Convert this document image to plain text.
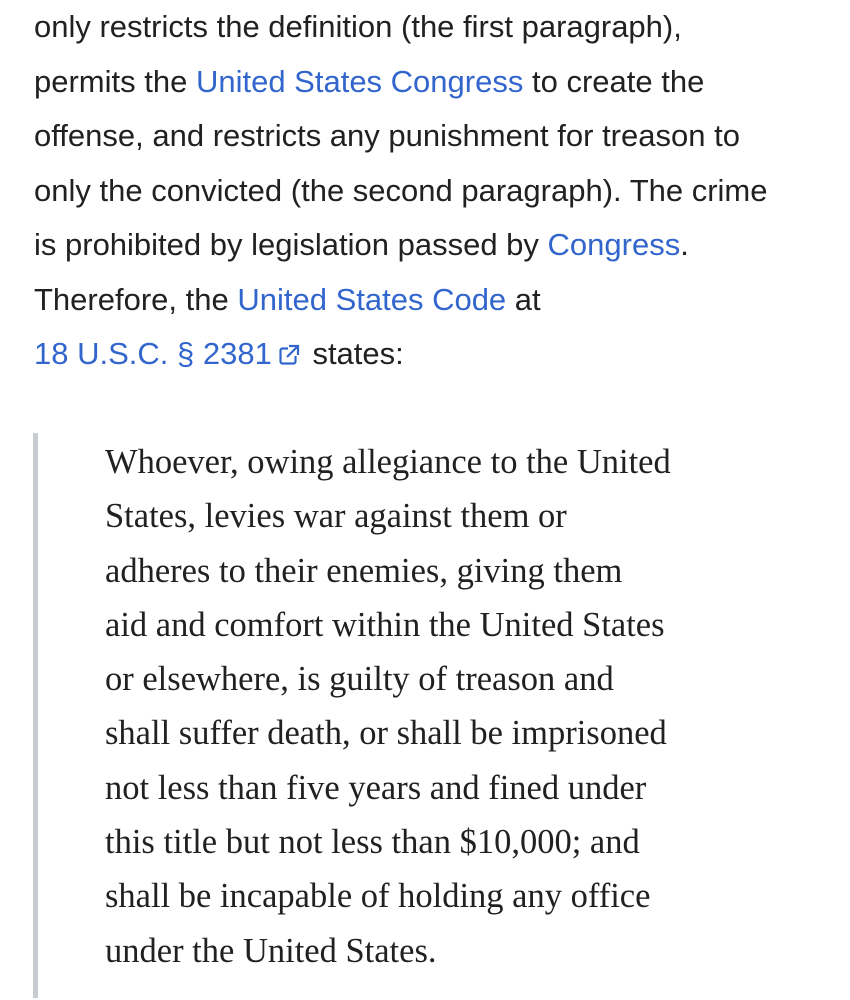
only restricts the definition (the first paragraph),
permits the United States Congress to create the
offense, and restricts any punishment for treason to
only the convicted (the second paragraph). The crime
is prohibited by legislation passed by Congress.
Therefore, the United States Code at
18 U.S.C. § 2381 states:

Whoever, owing allegiance to the United
States, levies war against them or
adheres to their enemies, giving them
aid and comfort within the United States
or elsewhere, is guilty of treason and
shall suffer death, or shall be imprisoned
not less than five years and fined under
this title but not less than $10,000; and
shall be incapable of holding any office
under the United States.
